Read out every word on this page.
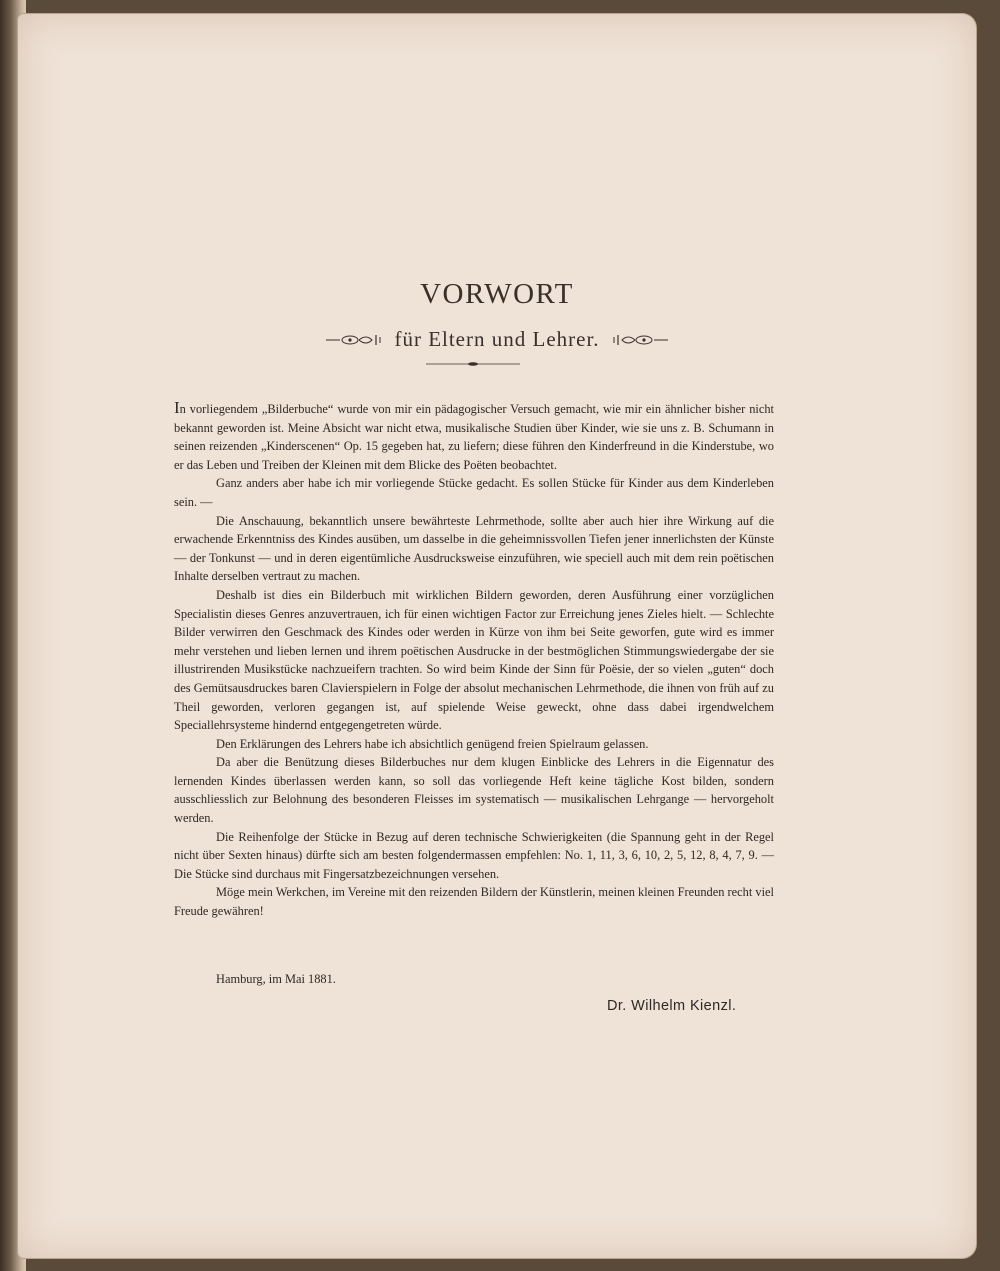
VORWORT
für Eltern und Lehrer.

In vorliegendem „Bilderbuche“ wurde von mir ein pädagogischer Versuch gemacht, wie mir ein ähnlicher bisher nicht bekannt geworden ist. Meine Absicht war nicht etwa, musikalische Studien über Kinder, wie sie uns z. B. Schumann in seinen reizenden „Kinderscenen“ Op. 15 gegeben hat, zu liefern; diese führen den Kinderfreund in die Kinderstube, wo er das Leben und Treiben der Kleinen mit dem Blicke des Poëten beobachtet.

Ganz anders aber habe ich mir vorliegende Stücke gedacht. Es sollen Stücke für Kinder aus dem Kinderleben sein. —

Die Anschauung, bekanntlich unsere bewährteste Lehrmethode, sollte aber auch hier ihre Wirkung auf die erwachende Erkenntniss des Kindes ausüben, um dasselbe in die geheimnissvollen Tiefen jener innerlichsten der Künste — der Tonkunst — und in deren eigentümliche Ausdrucksweise einzuführen, wie speciell auch mit dem rein poëtischen Inhalte derselben vertraut zu machen.

Deshalb ist dies ein Bilderbuch mit wirklichen Bildern geworden, deren Ausführung einer vorzüglichen Specialistin dieses Genres anzuvertrauen, ich für einen wichtigen Factor zur Erreichung jenes Zieles hielt. — Schlechte Bilder verwirren den Geschmack des Kindes oder werden in Kürze von ihm bei Seite geworfen, gute wird es immer mehr verstehen und lieben lernen und ihrem poëtischen Ausdrucke in der bestmöglichen Stimmungswiedergabe der sie illustrirenden Musikstücke nachzueifern trachten. So wird beim Kinde der Sinn für Poësie, der so vielen „guten“ doch des Gemütsausdruckes baren Clavierspielern in Folge der absolut mechanischen Lehrmethode, die ihnen von früh auf zu Theil geworden, verloren gegangen ist, auf spielende Weise geweckt, ohne dass dabei irgendwelchem Speciallehrsysteme hindernd entgegengetreten würde.

Den Erklärungen des Lehrers habe ich absichtlich genügend freien Spielraum gelassen.

Da aber die Benützung dieses Bilderbuches nur dem klugen Einblicke des Lehrers in die Eigennatur des lernenden Kindes überlassen werden kann, so soll das vorliegende Heft keine tägliche Kost bilden, sondern ausschliesslich zur Belohnung des besonderen Fleisses im systematisch — musikalischen Lehrgange — hervorgeholt werden.

Die Reihenfolge der Stücke in Bezug auf deren technische Schwierigkeiten (die Spannung geht in der Regel nicht über Sexten hinaus) dürfte sich am besten folgendermassen empfehlen: No. 1, 11, 3, 6, 10, 2, 5, 12, 8, 4, 7, 9. — Die Stücke sind durchaus mit Fingersatzbezeichnungen versehen.

Möge mein Werkchen, im Vereine mit den reizenden Bildern der Künstlerin, meinen kleinen Freunden recht viel Freude gewähren!

Hamburg, im Mai 1881.
Dr. Wilhelm Kienzl.
